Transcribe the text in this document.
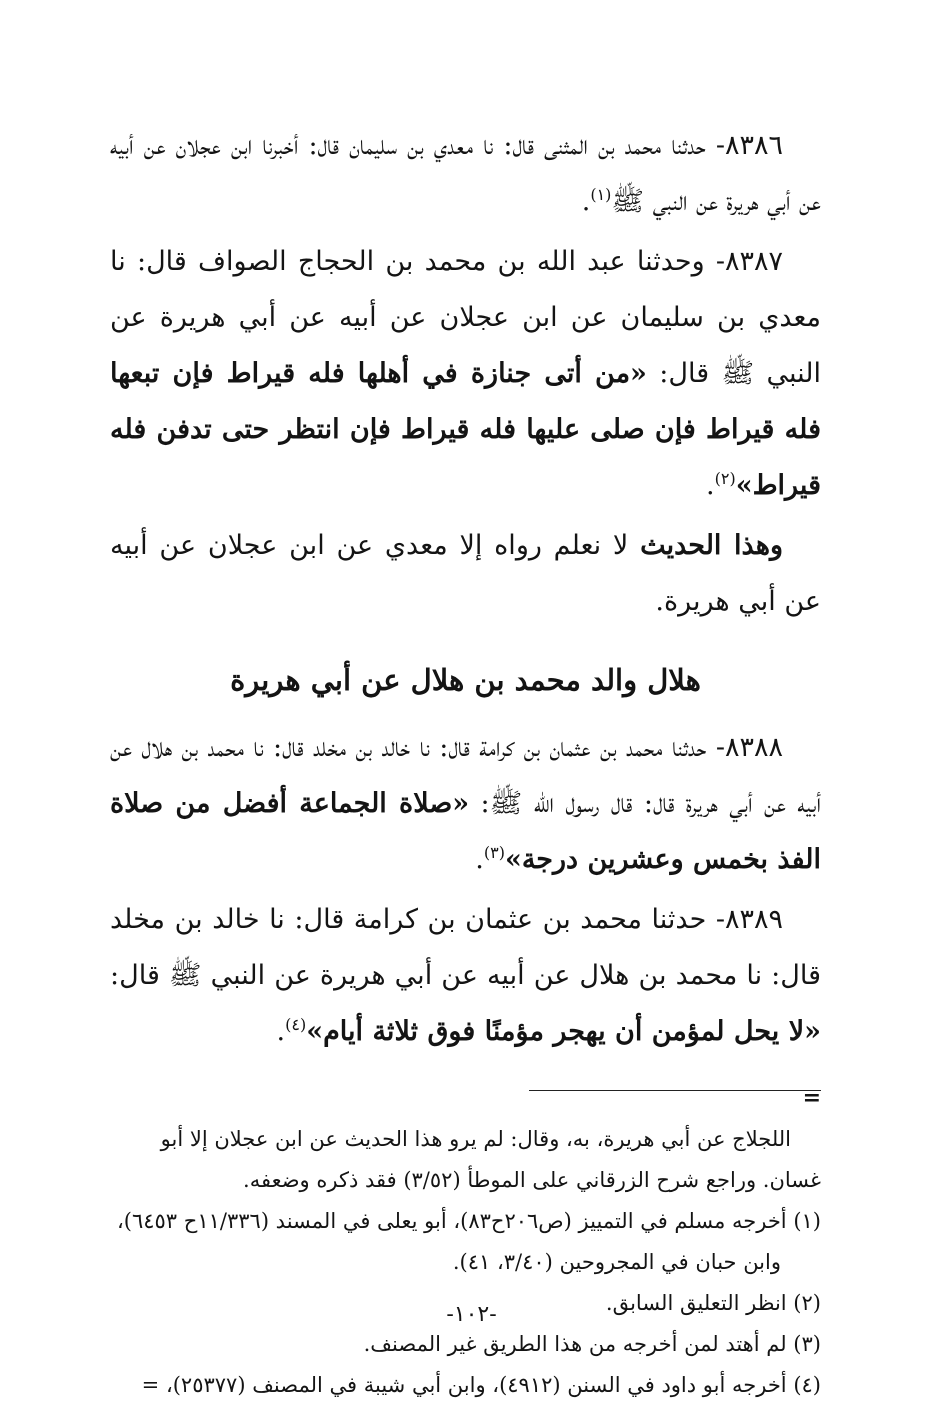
٨٣٨٦- حدثنا محمد بن المثنى قال: نا معدي بن سليمان قال: أخبرنا ابن عجلان عن أبيه عن أبي هريرة عن النبي ﷺ$^{(١)}$.

٨٣٨٧- وحدثنا عبد الله بن محمد بن الحجاج الصواف قال: نا معدي بن سليمان عن ابن عجلان عن أبيه عن أبي هريرة عن النبي ﷺ قال: «من أتى جنازة في أهلها فله قيراط فإن تبعها فله قيراط فإن صلى عليها فله قيراط فإن انتظر حتى تدفن فله قيراط»$^{(٢)}$.

وهذا الحديث لا نعلم رواه إلا معدي عن ابن عجلان عن أبيه عن أبي هريرة.

هلال والد محمد بن هلال عن أبي هريرة

٨٣٨٨- حدثنا محمد بن عثمان بن كرامة قال: نا خالد بن مخلد قال: نا محمد بن هلال عن أبيه عن أبي هريرة قال: قال رسول الله ﷺ: «صلاة الجماعة أفضل من صلاة الفذ بخمس وعشرين درجة»$^{(٣)}$.

٨٣٨٩- حدثنا محمد بن عثمان بن كرامة قال: نا خالد بن مخلد قال: نا محمد بن هلال عن أبيه عن أبي هريرة عن النبي ﷺ قال: «لا يحل لمؤمن أن يهجر مؤمنًا فوق ثلاثة أيام»$^{(٤)}$.

=
اللجلاج عن أبي هريرة، به، وقال: لم يرو هذا الحديث عن ابن عجلان إلا أبو غسان. وراجع شرح الزرقاني على الموطأ (٣/٥٢) فقد ذكره وضعفه.
(١) أخرجه مسلم في التمييز (ص٢٠٦ح٨٣)، أبو يعلى في المسند (١١/٣٣٦ح ٦٤٥٣)، وابن حبان في المجروحين (٣/٤٠، ٤١).
(٢) انظر التعليق السابق.
(٣) لم أهتد لمن أخرجه من هذا الطريق غير المصنف.
(٤) أخرجه أبو داود في السنن (٤٩١٢)، وابن أبي شيبة في المصنف (٢٥٣٧٧)، =
-١٠٢-
